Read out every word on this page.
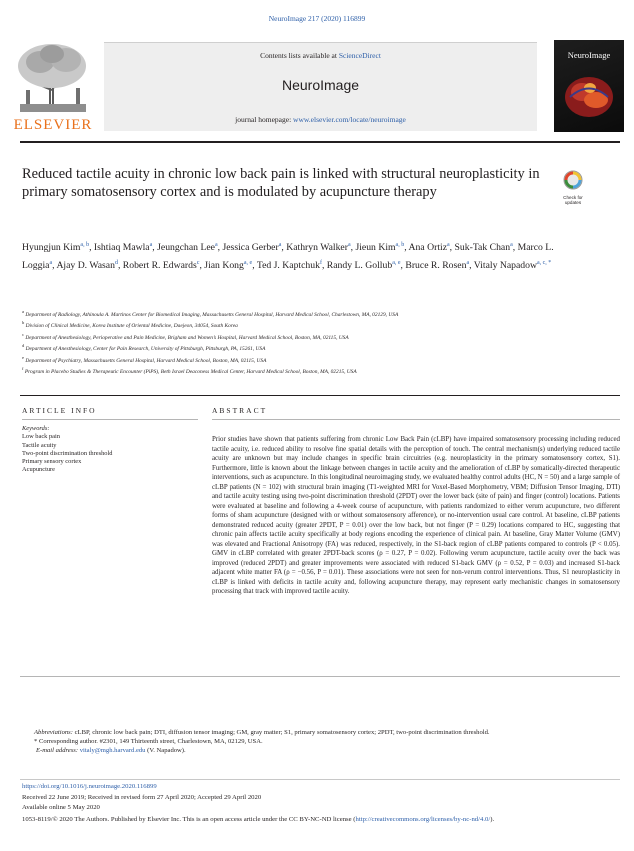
NeuroImage 217 (2020) 116899
ELSEVIER
Contents lists available at ScienceDirect
NeuroImage
journal homepage: www.elsevier.com/locate/neuroimage
NeuroImage
Reduced tactile acuity in chronic low back pain is linked with structural neuroplasticity in primary somatosensory cortex and is modulated by acupuncture therapy	Check for
updates
Hyungjun Kim$^{a, b}$, Ishtiaq Mawla$^a$, Jeungchan Lee$^a$, Jessica Gerber$^a$, Kathryn Walker$^a$, Jieun Kim$^{a, b}$, Ana Ortiz$^a$, Suk-Tak Chan$^a$, Marco L. Loggia$^a$, Ajay D. Wasan$^d$, Robert R. Edwards$^c$, Jian Kong$^{a, e}$, Ted J. Kaptchuk$^f$, Randy L. Gollub$^{a, e}$, Bruce R. Rosen$^a$, Vitaly Napadow$^{a, c, *}$
$^a$ Department of Radiology, Athinoula A. Martinos Center for Biomedical Imaging, Massachusetts General Hospital, Harvard Medical School, Charlestown, MA, 02129, USA
$^b$ Division of Clinical Medicine, Korea Institute of Oriental Medicine, Daejeon, 34054, South Korea
$^c$ Department of Anesthesiology, Perioperative and Pain Medicine, Brigham and Women’s Hospital, Harvard Medical School, Boston, MA, 02115, USA
$^d$ Department of Anesthesiology, Center for Pain Research, University of Pittsburgh, Pittsburgh, PA, 15261, USA
$^e$ Department of Psychiatry, Massachusetts General Hospital, Harvard Medical School, Boston, MA, 02115, USA
$^f$ Program in Placebo Studies & Therapeutic Encounter (PiPS), Beth Israel Deaconess Medical Center, Harvard Medical School, Boston, MA, 02215, USA
ARTICLE INFO
Keywords:
Low back pain
Tactile acuity
Two-point discrimination threshold
Primary sensory cortex
Acupuncture
ABSTRACT
Prior studies have shown that patients suffering from chronic Low Back Pain (cLBP) have impaired somatosensory processing including reduced tactile acuity, i.e. reduced ability to resolve fine spatial details with the perception of touch. The central mechanism(s) underlying reduced tactile acuity are unknown but may include changes in specific brain circuitries (e.g. neuroplasticity in the primary somatosensory cortex, S1). Furthermore, little is known about the linkage between changes in tactile acuity and the amelioration of cLBP by somatically-directed therapeutic interventions, such as acupuncture. In this longitudinal neuroimaging study, we evaluated healthy control adults (HC, N = 50) and a large sample of cLBP patients (N = 102) with structural brain imaging (T1-weighted MRI for Voxel-Based Morphometry, VBM; Diffusion Tensor Imaging, DTI) and tactile acuity testing using two-point discrimination threshold (2PDT) over the lower back (site of pain) and finger (control) locations. Patients were evaluated at baseline and following a 4-week course of acupuncture, with patients randomized to either verum acupuncture, two different forms of sham acupuncture (designed with or without somatosensory afference), or no-intervention usual care control. At baseline, cLBP patients demonstrated reduced acuity (greater 2PDT, P = 0.01) over the low back, but not finger (P = 0.29) locations compared to HC, suggesting that chronic pain affects tactile acuity specifically at body regions encoding the experience of clinical pain. At baseline, Gray Matter Volume (GMV) was elevated and Fractional Anisotropy (FA) was reduced, respectively, in the S1-back region of cLBP patients compared to controls (P < 0.05). GMV in cLBP correlated with greater 2PDT-back scores (ρ = 0.27, P = 0.02). Following verum acupuncture, tactile acuity over the back was improved (reduced 2PDT) and greater improvements were associated with reduced S1-back GMV (ρ = 0.52, P = 0.03) and increased S1-back adjacent white matter FA (ρ = −0.56, P = 0.01). These associations were not seen for non-verum control interventions. Thus, S1 neuroplasticity in cLBP is linked with deficits in tactile acuity and, following acupuncture therapy, may represent early mechanistic changes in somatosensory processing that track with improved tactile acuity.
Abbreviations: cLBP, chronic low back pain; DTI, diffusion tensor imaging; GM, gray matter; S1, primary somatosensory cortex; 2PDT, two-point discrimination threshold.
* Corresponding author. #2301, 149 Thirteenth street, Charlestown, MA, 02129, USA.
E-mail address: vitaly@mgh.harvard.edu (V. Napadow).
https://doi.org/10.1016/j.neuroimage.2020.116899
Received 22 June 2019; Received in revised form 27 April 2020; Accepted 29 April 2020
Available online 5 May 2020
1053-8119/© 2020 The Authors. Published by Elsevier Inc. This is an open access article under the CC BY-NC-ND license (http://creativecommons.org/licenses/by-nc-nd/4.0/).
